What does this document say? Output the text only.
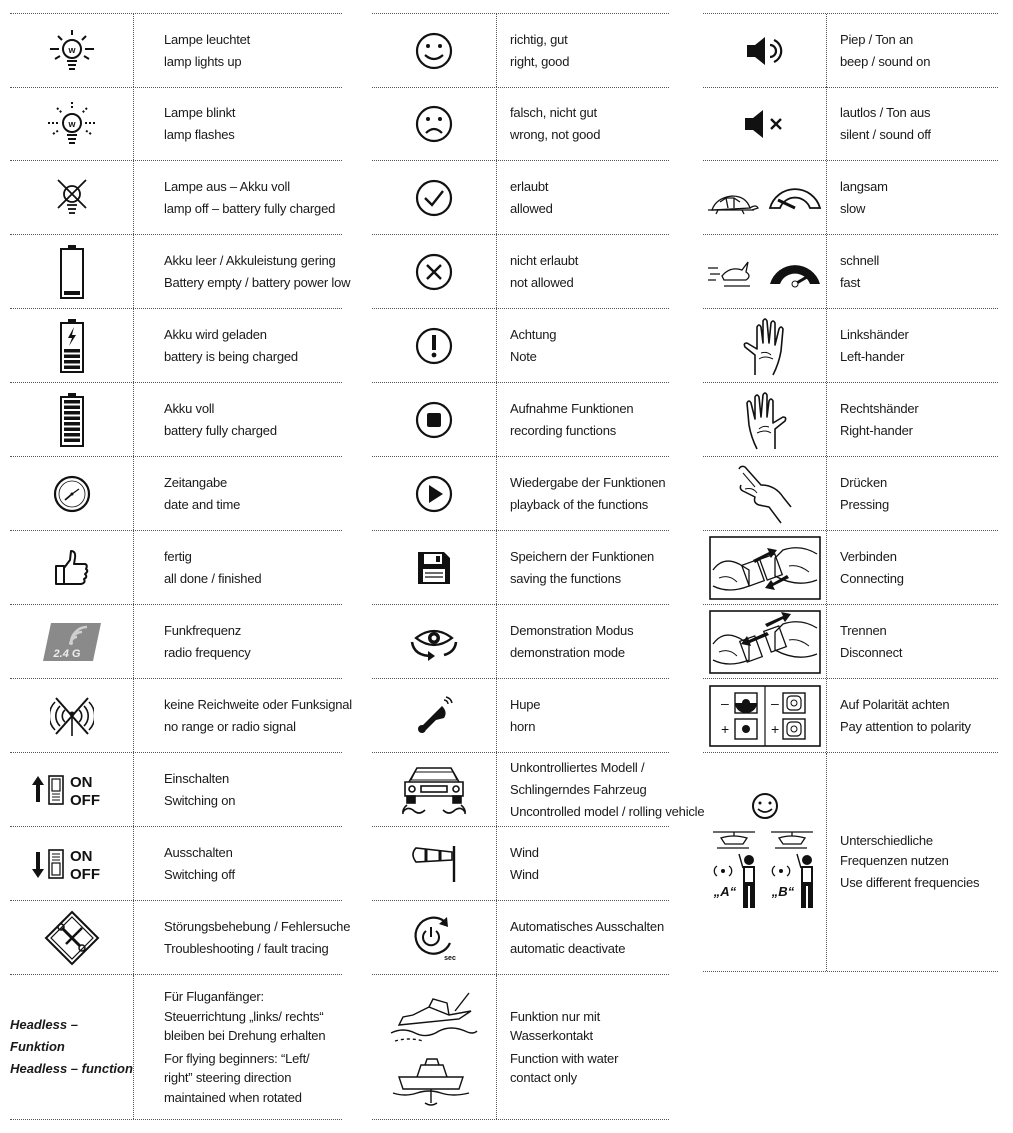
w
Lampe leuchtet
lamp lights up
w
Lampe blinkt
lamp flashes
Lampe aus – Akku voll
lamp off – battery fully charged
Akku leer / Akkuleistung gering
Battery empty / battery power low
Akku wird geladen
battery is being charged
Akku voll
battery fully charged
Zeitangabe
date and time
fertig
all done / finished
2.4 G
Funkfrequenz
radio frequency
keine Reichweite oder Funksignal
no range or radio signal
ON
OFF
Einschalten
Switching on
ON
OFF
Ausschalten
Switching off
Störungsbehebung / Fehlersuche
Troubleshooting / fault tracing
Headless – Funktion
Headless – function
Für Fluganfänger:
Steuerrichtung „links/ rechts“
bleiben bei Drehung erhalten
For flying beginners: “Left/
right” steering direction
maintained when rotated
richtig, gut
right, good
falsch, nicht gut
wrong, not good
erlaubt
allowed
nicht erlaubt
not allowed
Achtung
Note
Aufnahme Funktionen
recording functions
Wiedergabe der Funktionen
playback of the functions
Speichern der Funktionen
saving the functions
Demonstration Modus
demonstration mode
Hupe
horn
Unkontrolliertes Modell /
Schlingerndes Fahrzeug
Uncontrolled model / rolling vehicle
Wind
Wind
sec
Automatisches Ausschalten
automatic deactivate
Funktion nur mit
Wasserkontakt
Function with water
contact only
Piep / Ton an
beep / sound on
lautlos / Ton aus
silent / sound off
langsam
slow
schnell
fast
Linkshänder
Left-hander
Rechtshänder
Right-hander
Drücken
Pressing
Verbinden
Connecting
Trennen
Disconnect
–
+
–
+
Auf Polarität achten
Pay attention to polarity
„A“	„B“
Unterschiedliche
Frequenzen nutzen
Use different frequencies
